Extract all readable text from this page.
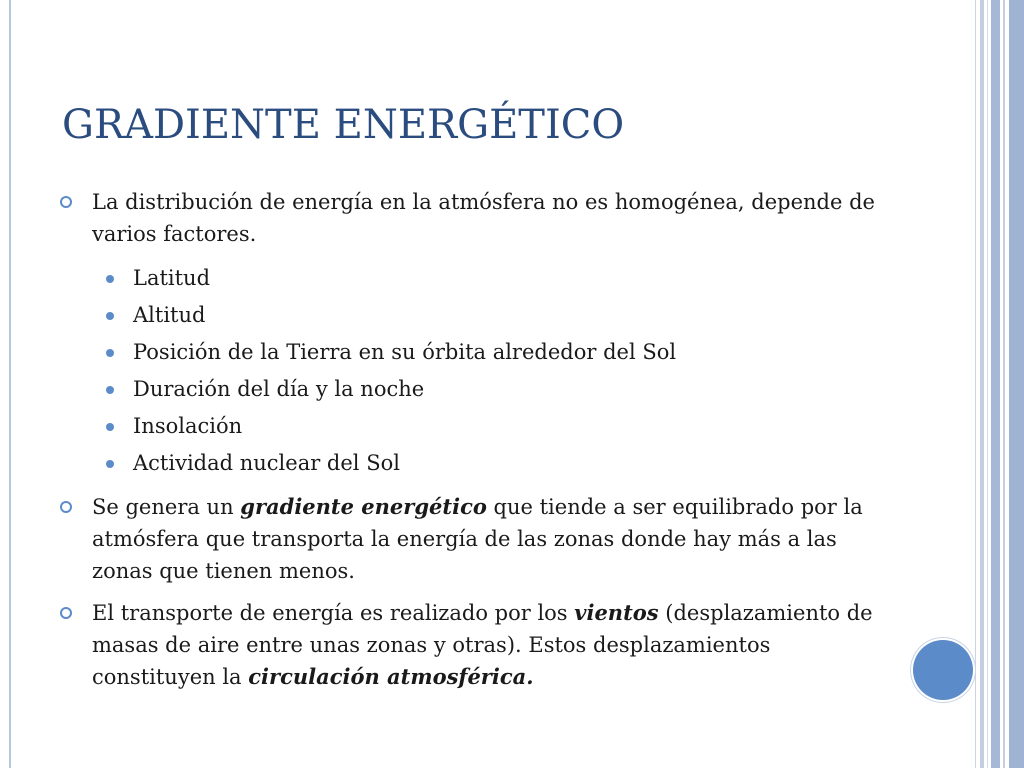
GRADIENTE ENERGÉTICO
La distribución de energía en la atmósfera no es homogénea, depende de varios factores.
Latitud
Altitud
Posición de la Tierra en su órbita alrededor del Sol
Duración del día y la noche
Insolación
Actividad nuclear del Sol
Se genera un gradiente energético que tiende a ser equilibrado por la atmósfera que transporta la energía de las zonas donde hay más a las zonas que tienen menos.
El transporte de energía es realizado por los vientos (desplazamiento de masas de aire entre unas zonas y otras). Estos desplazamientos constituyen la circulación atmosférica.
